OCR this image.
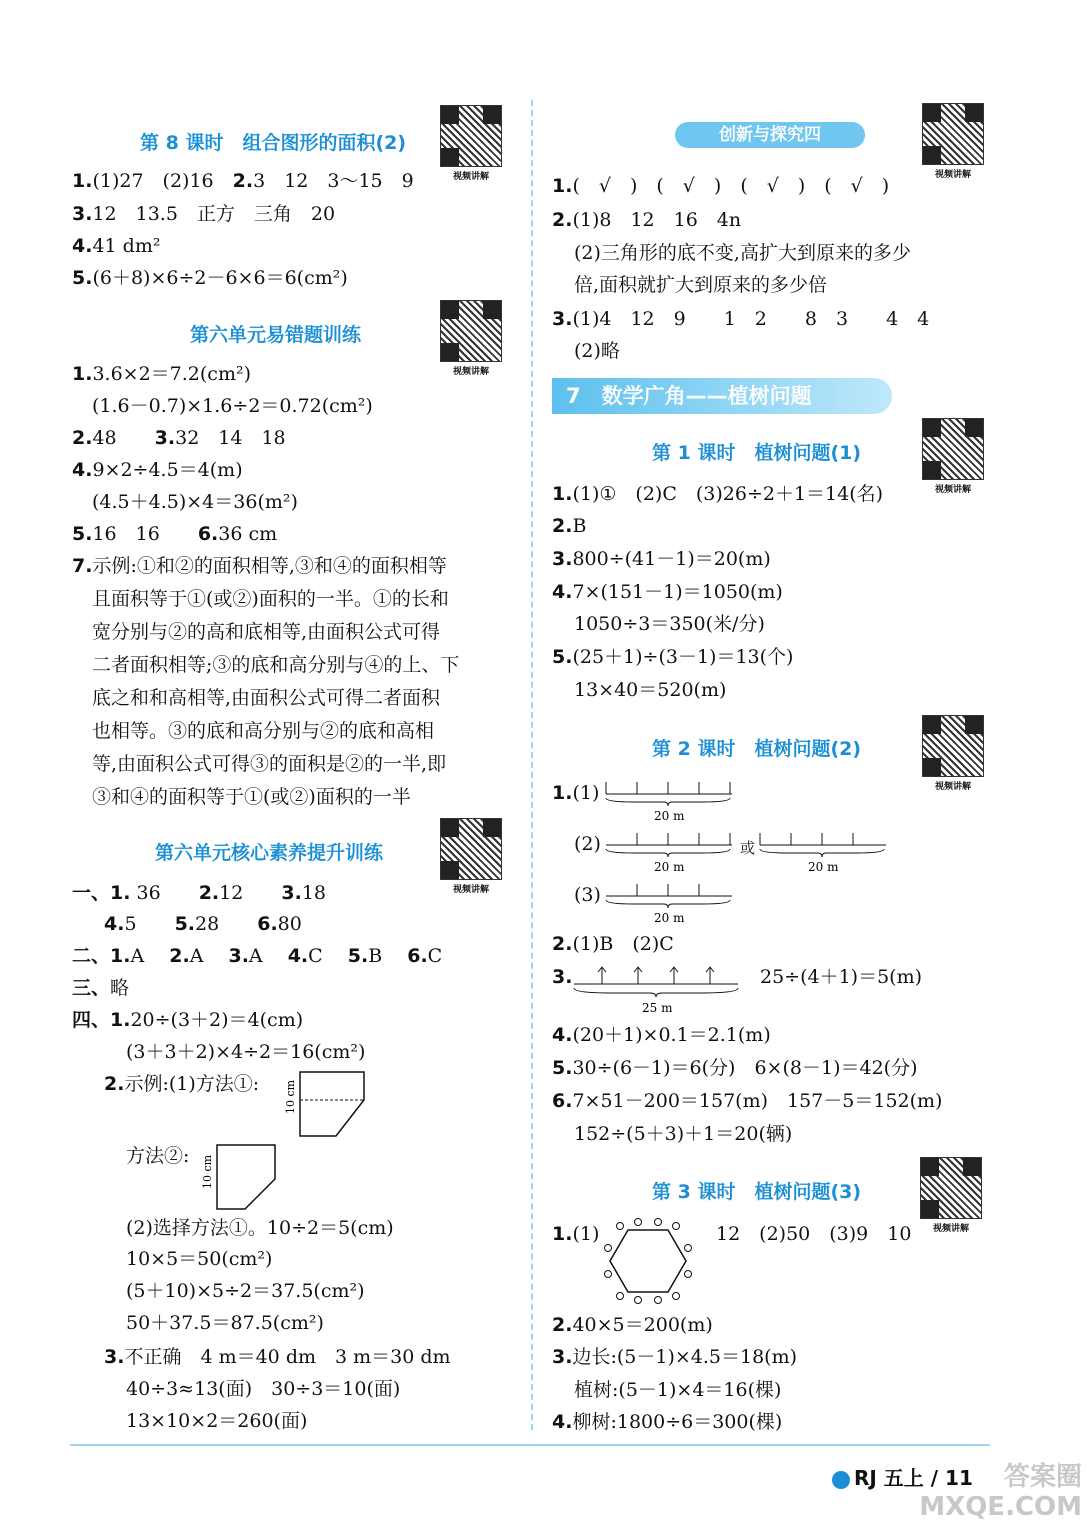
第 8 课时　组合图形的面积(2)
视频讲解
1.(1)27　(2)16　 2.3　12　3～15　9
3.12　13.5　正方　三角　20
4.41 dm²
5.(6＋8)×6÷2－6×6＝6(cm²)
第六单元易错题训练
视频讲解
1.3.6×2＝7.2(cm²)
(1.6－0.7)×1.6÷2＝0.72(cm²)
2.48　　 3.32　14　18
4.9×2÷4.5＝4(m)
(4.5＋4.5)×4＝36(m²)
5.16　16　　 6.36 cm
7.示例:①和②的面积相等,③和④的面积相等
且面积等于①(或②)面积的一半。①的长和
宽分别与②的高和底相等,由面积公式可得
二者面积相等;③的底和高分别与④的上、下
底之和和高相等,由面积公式可得二者面积
也相等。③的底和高分别与②的底和高相
等,由面积公式可得③的面积是②的一半,即
③和④的面积等于①(或②)面积的一半
第六单元核心素养提升训练
视频讲解
一、1. 36　　 2.12　　 3.18
4.5　　 5.28　　 6.80
二、1.A　 2.A　 3.A　 4.C　 5.B　 6.C
三、略
四、1.20÷(3＋2)＝4(cm)
(3＋3＋2)×4÷2＝16(cm²)
2.示例:(1)方法①: 10 cm
方法②: 10 cm
(2)选择方法①。10÷2＝5(cm)
10×5＝50(cm²)
(5＋10)×5÷2＝37.5(cm²)
50＋37.5＝87.5(cm²)
3.不正确　4 m＝40 dm　3 m＝30 dm
40÷3≈13(面)　30÷3＝10(面)
13×10×2＝260(面)
创新与探究四
视频讲解
1.(　√　)　(　√　)　(　√　)　(　√　)
2.(1)8　12　16　4n
(2)三角形的底不变,高扩大到原来的多少
倍,面积就扩大到原来的多少倍
3.(1)4　12　9　　1　2　　8　3　　4　4
(2)略
7　数学广角——植树问题
第 1 课时　植树问题(1)
视频讲解
1.(1)①　(2)C　(3)26÷2＋1＝14(名)
2.B
3.800÷(41－1)＝20(m)
4.7×(151－1)＝1050(m)
1050÷3＝350(米/分)
5.(25＋1)÷(3－1)＝13(个)
13×40＝520(m)
第 2 课时　植树问题(2)
视频讲解
1.(1)
20 m
(2)
20 m
或
20 m
(3)
20 m
2.(1)B　(2)C
3.
25 m
25÷(4＋1)＝5(m)
4.(20＋1)×0.1＝2.1(m)
5.30÷(6－1)＝6(分)　6×(8－1)＝42(分)
6.7×51－200＝157(m)　157－5＝152(m)
152÷(5＋3)＋1＝20(辆)
第 3 课时　植树问题(3)
视频讲解
1.(1)	12　(2)50　(3)9　10
2.40×5＝200(m)
3.边长:(5－1)×4.5＝18(m)
植树:(5－1)×4＝16(棵)
4.柳树:1800÷6＝300(棵)
RJ 五上 / 11	答案圈
MXQE.COM
